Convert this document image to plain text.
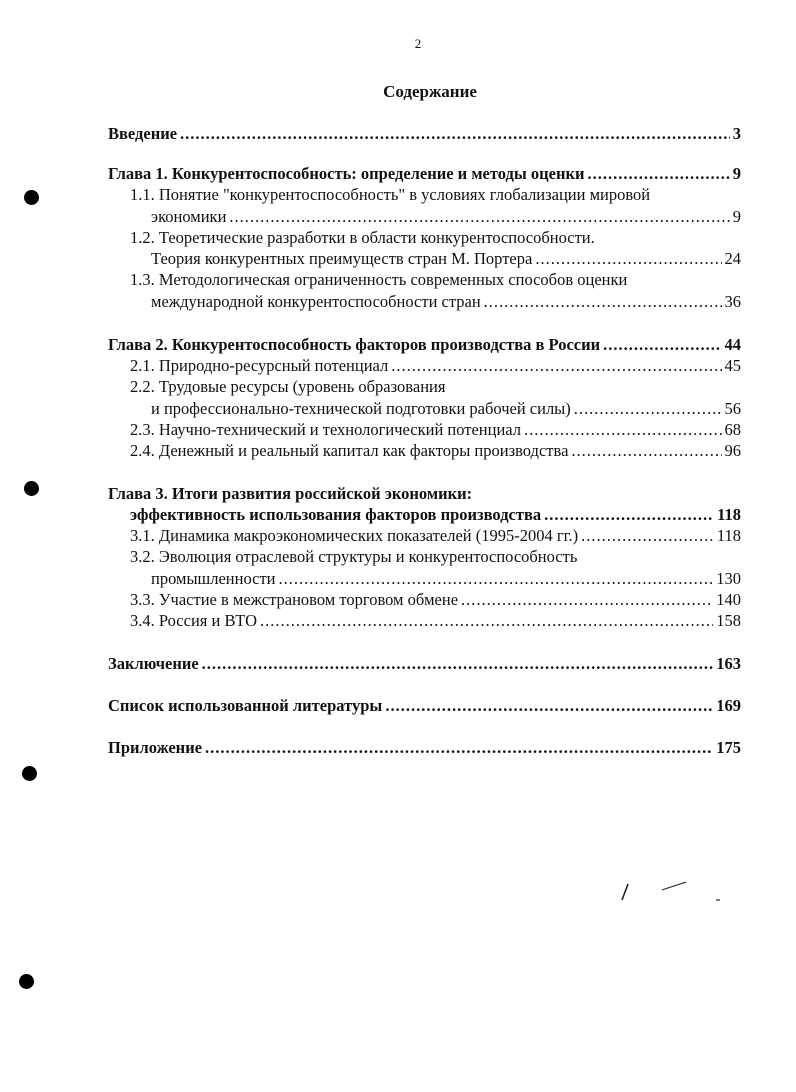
2
Содержание
Введение .....	3
Глава 1. Конкурентоспособность: определение и методы оценки .....	9
1.1. Понятие "конкурентоспособность" в условиях глобализации мировой
экономики .....	9
1.2. Теоретические разработки в области конкурентоспособности.
Теория конкурентных преимуществ стран М. Портера .....	24
1.3. Методологическая ограниченность современных способов оценки
международной конкурентоспособности стран .....	36
Глава 2. Конкурентоспособность факторов производства в России .....	44
2.1. Природно-ресурсный потенциал .....	45
2.2. Трудовые ресурсы (уровень образования
и профессионально-технической подготовки рабочей силы) .....	56
2.3. Научно-технический и технологический потенциал .....	68
2.4. Денежный и реальный капитал как факторы производства .....	96
Глава 3. Итоги развития российской экономики:
эффективность использования факторов производства .....	118
3.1. Динамика макроэкономических показателей (1995-2004 гг.) .....	118
3.2. Эволюция отраслевой структуры и конкурентоспособность
промышленности .....	130
3.3. Участие в межстрановом торговом обмене .....	140
3.4. Россия и ВТО .....	158
Заключение .....	163
Список использованной литературы .....	169
Приложение .....	175
